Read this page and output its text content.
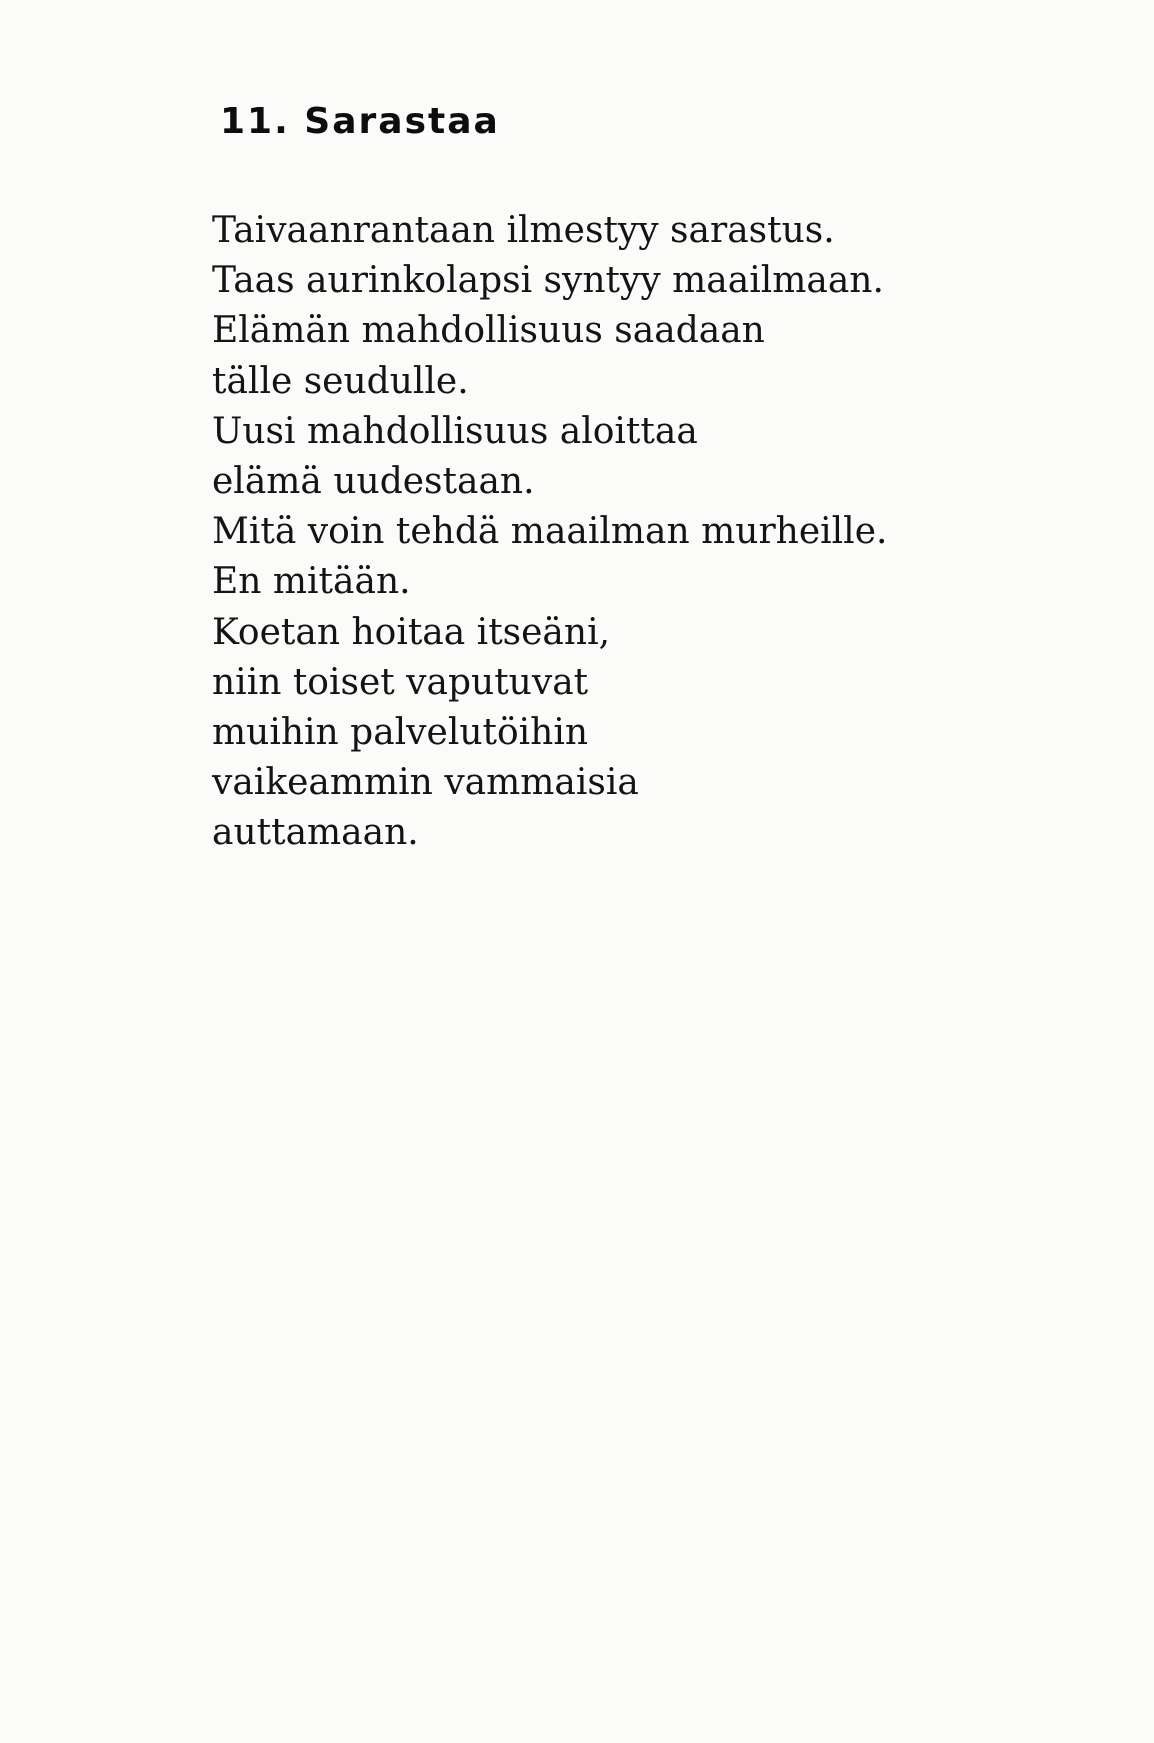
11. Sarastaa
Taivaanrantaan ilmestyy sarastus.
Taas aurinkolapsi syntyy maailmaan.
Elämän mahdollisuus saadaan
tälle seudulle.
Uusi mahdollisuus aloittaa
elämä uudestaan.
Mitä voin tehdä maailman murheille.
En mitään.
Koetan hoitaa itseäni,
niin toiset vaputuvat
muihin palvelutöihin
vaikeammin vammaisia
auttamaan.
